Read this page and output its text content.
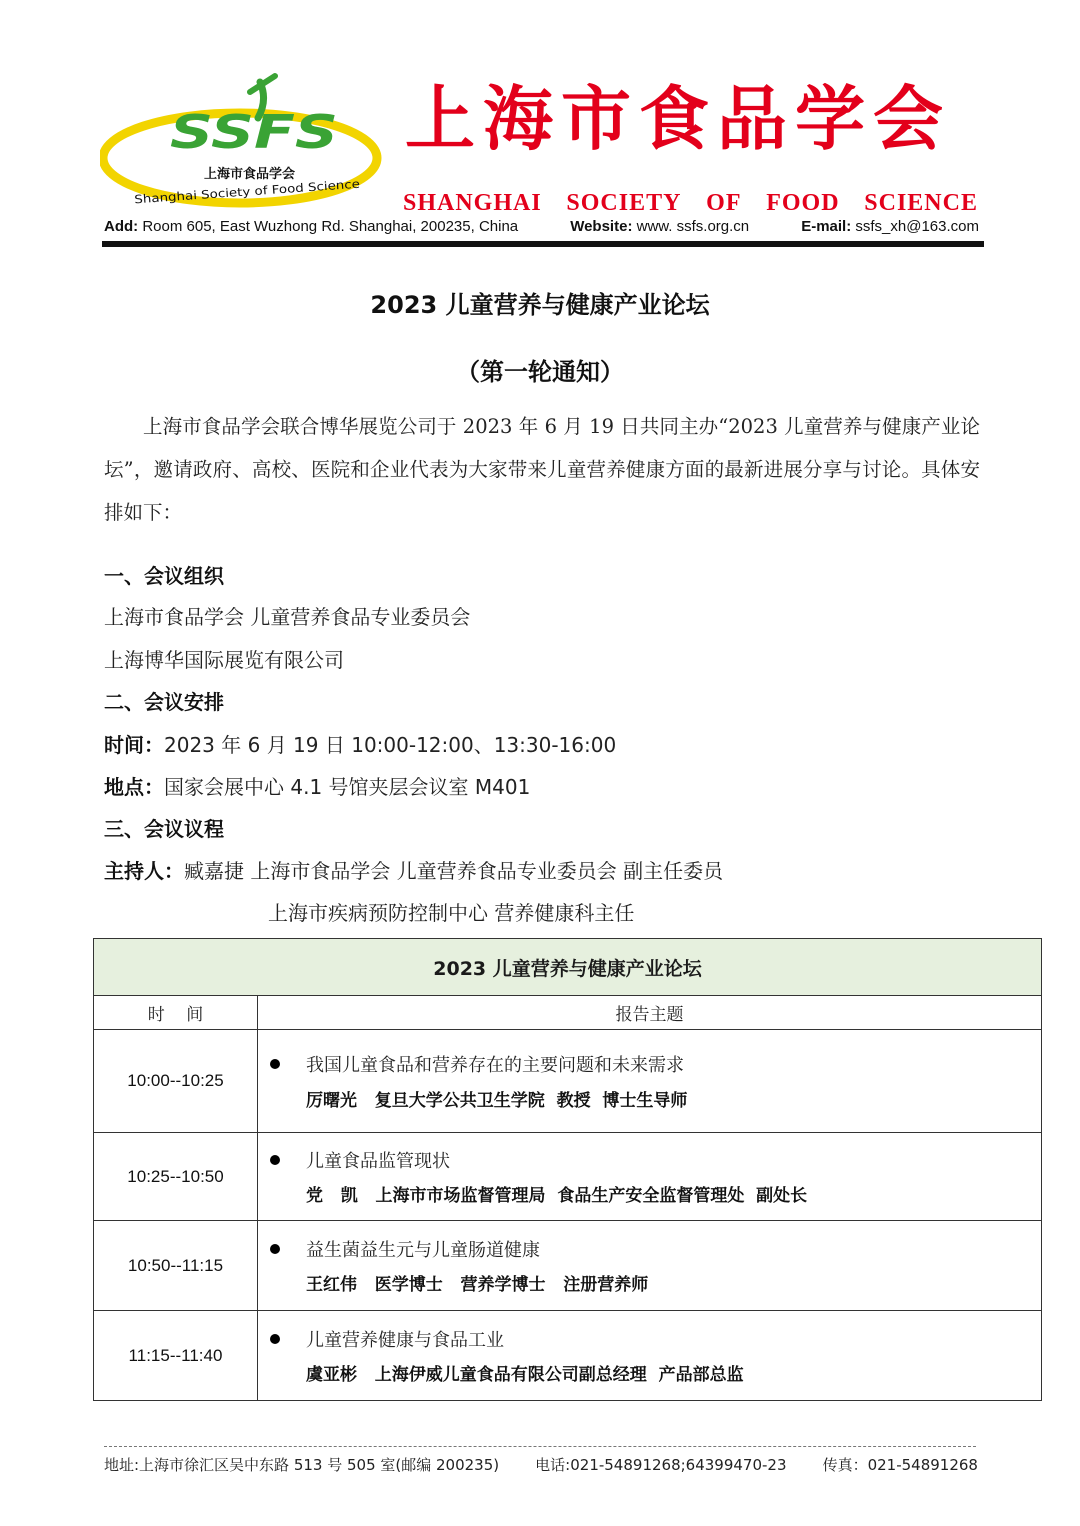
SSFS
上海市食品学会
Shanghai Society of Food Science
上海市食品学会
SHANGHAI SOCIETY OF FOOD SCIENCE
Add: Room 605, East Wuzhong Rd. Shanghai, 200235, China	Website: www. ssfs.org.cn	E-mail: ssfs_xh@163.com
2023 儿童营养与健康产业论坛
（第一轮通知）

上海市食品学会联合博华展览公司于 2023 年 6 月 19 日共同主办“2023 儿童营养与健康产业论坛”，邀请政府、高校、医院和企业代表为大家带来儿童营养健康方面的最新进展分享与讨论。具体安排如下：

一、会议组织
上海市食品学会 儿童营养食品专业委员会
上海博华国际展览有限公司
二、会议安排
时间：2023 年 6 月 19 日 10:00-12:00、13:30-16:00
地点：国家会展中心 4.1 号馆夹层会议室 M401
三、会议议程
主持人：臧嘉捷 上海市食品学会 儿童营养食品专业委员会 副主任委员
上海市疾病预防控制中心 营养健康科主任
2023 儿童营养与健康产业论坛	
时    间	报告主题
10:00--10:25	我国儿童食品和营养存在的主要问题和未来需求
厉曙光   复旦大学公共卫生学院  教授  博士生导师

10:25--10:50	儿童食品监管现状
党   凯   上海市市场监督管理局  食品生产安全监督管理处  副处长

10:50--11:15	益生菌益生元与儿童肠道健康
王红伟   医学博士   营养学博士   注册营养师

11:15--11:40	儿童营养健康与食品工业
虞亚彬   上海伊威儿童食品有限公司副总经理  产品部总监
地址:上海市徐汇区吴中东路 513 号 505 室(邮编 200235) 电话:021-54891268;64399470-23 传真：021-54891268
